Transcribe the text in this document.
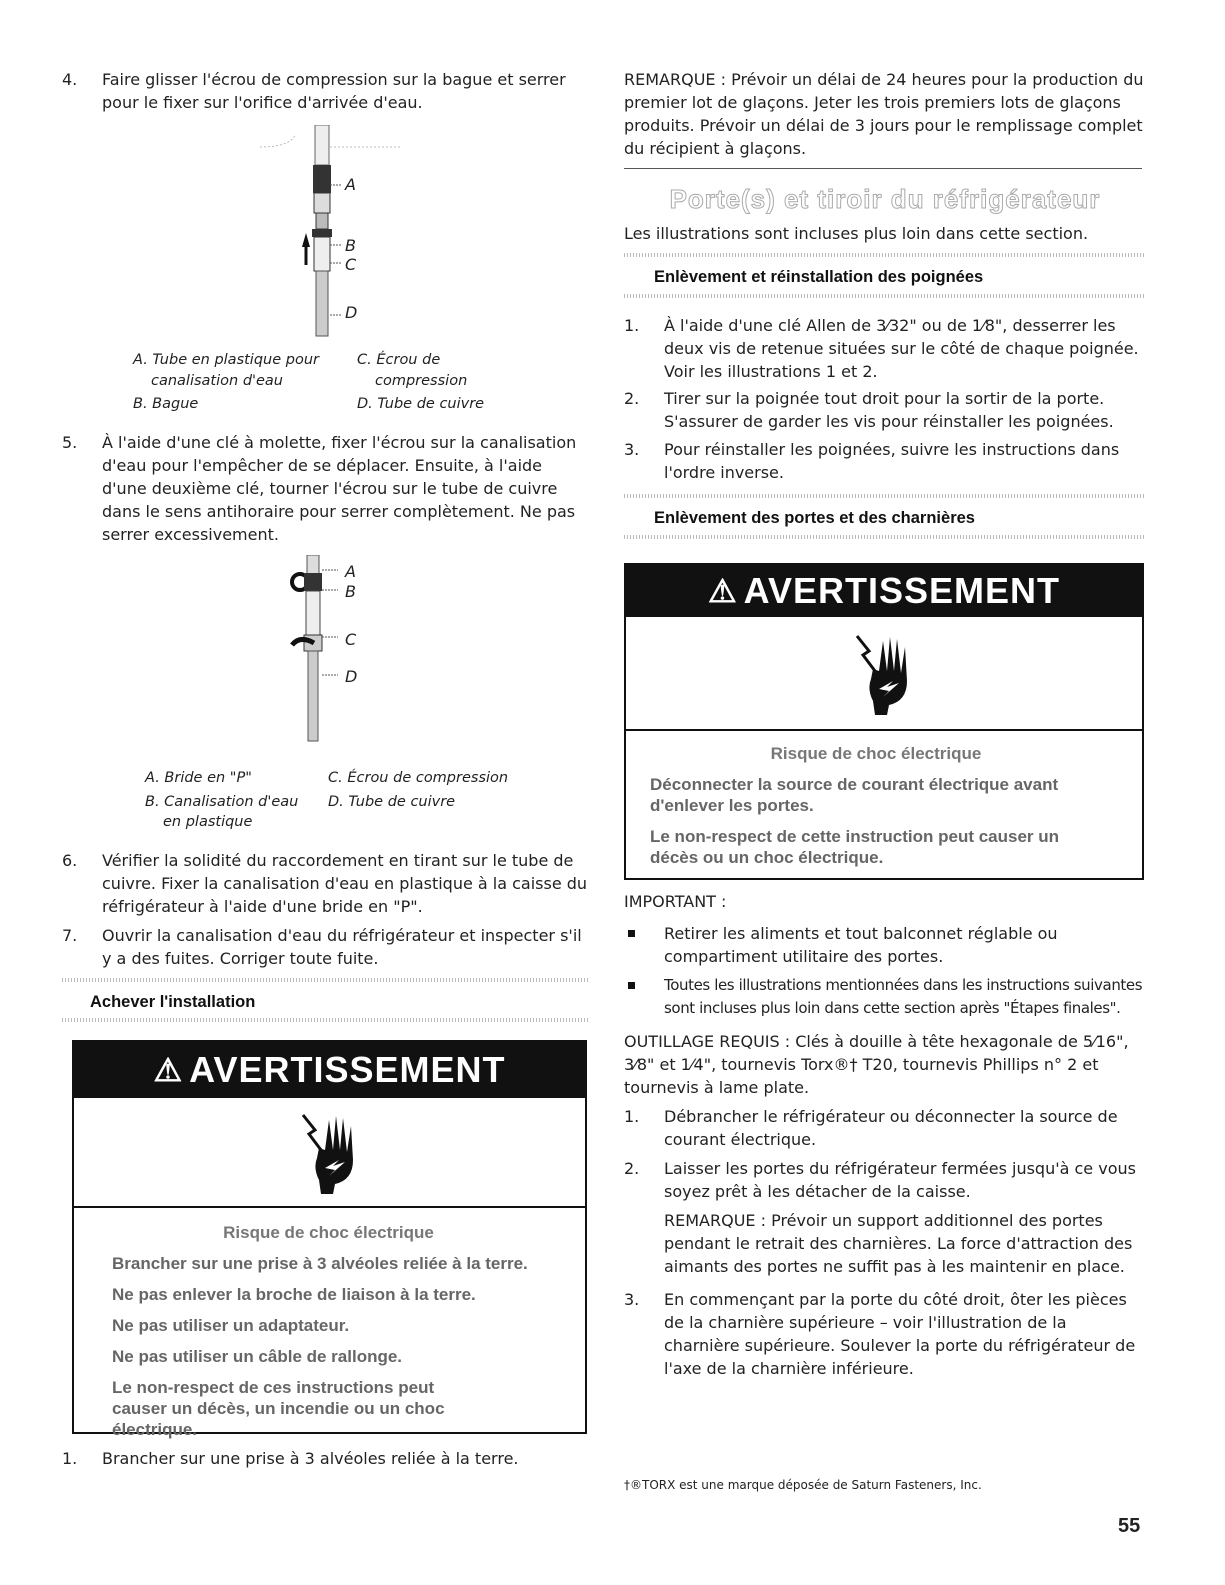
4. Faire glisser l'écrou de compression sur la bague et serrer pour le fixer sur l'orifice d'arrivée d'eau.
A
B
C
D
A. Tube en plastique pour
canalisation d'eau
B. Bague
C. Écrou de
compression
D. Tube de cuivre
5. À l'aide d'une clé à molette, fixer l'écrou sur la canalisation d'eau pour l'empêcher de se déplacer. Ensuite, à l'aide d'une deuxième clé, tourner l'écrou sur le tube de cuivre dans le sens antihoraire pour serrer complètement. Ne pas serrer excessivement.
A
B
C
D
A. Bride en "P"
B. Canalisation d'eau
en plastique
C. Écrou de compression
D. Tube de cuivre
6. Vérifier la solidité du raccordement en tirant sur le tube de cuivre. Fixer la canalisation d'eau en plastique à la caisse du réfrigérateur à l'aide d'une bride en "P".
7. Ouvrir la canalisation d'eau du réfrigérateur et inspecter s'il y a des fuites. Corriger toute fuite.
Achever l'installation
⚠ AVERTISSEMENT
Risque de choc électrique
Brancher sur une prise à 3 alvéoles reliée à la terre.
Ne pas enlever la broche de liaison à la terre.
Ne pas utiliser un adaptateur.
Ne pas utiliser un câble de rallonge.
Le non-respect de ces instructions peut causer un décès, un incendie ou un choc électrique.
1. Brancher sur une prise à 3 alvéoles reliée à la terre.

REMARQUE : Prévoir un délai de 24 heures pour la production du premier lot de glaçons. Jeter les trois premiers lots de glaçons produits. Prévoir un délai de 3 jours pour le remplissage complet du récipient à glaçons.

Porte(s) et tiroir du réfrigérateur

Les illustrations sont incluses plus loin dans cette section.

Enlèvement et réinstallation des poignées
1. À l'aide d'une clé Allen de 3⁄32" ou de 1⁄8", desserrer les deux vis de retenue situées sur le côté de chaque poignée. Voir les illustrations 1 et 2.
2. Tirer sur la poignée tout droit pour la sortir de la porte. S'assurer de garder les vis pour réinstaller les poignées.
3. Pour réinstaller les poignées, suivre les instructions dans l'ordre inverse.
Enlèvement des portes et des charnières
⚠ AVERTISSEMENT
Risque de choc électrique
Déconnecter la source de courant électrique avant d'enlever les portes.
Le non-respect de cette instruction peut causer un décès ou un choc électrique.

IMPORTANT :

Retirer les aliments et tout balconnet réglable ou compartiment utilitaire des portes.
Toutes les illustrations mentionnées dans les instructions suivantes sont incluses plus loin dans cette section après "Étapes finales".

OUTILLAGE REQUIS : Clés à douille à tête hexagonale de 5⁄16", 3⁄8" et 1⁄4", tournevis Torx®† T20, tournevis Phillips n° 2 et tournevis à lame plate.

1. Débrancher le réfrigérateur ou déconnecter la source de courant électrique.
2. Laisser les portes du réfrigérateur fermées jusqu'à ce vous soyez prêt à les détacher de la caisse.

REMARQUE : Prévoir un support additionnel des portes pendant le retrait des charnières. La force d'attraction des aimants des portes ne suffit pas à les maintenir en place.

3. En commençant par la porte du côté droit, ôter les pièces de la charnière supérieure – voir l'illustration de la charnière supérieure. Soulever la porte du réfrigérateur de l'axe de la charnière inférieure.

†®TORX est une marque déposée de Saturn Fasteners, Inc.

55
